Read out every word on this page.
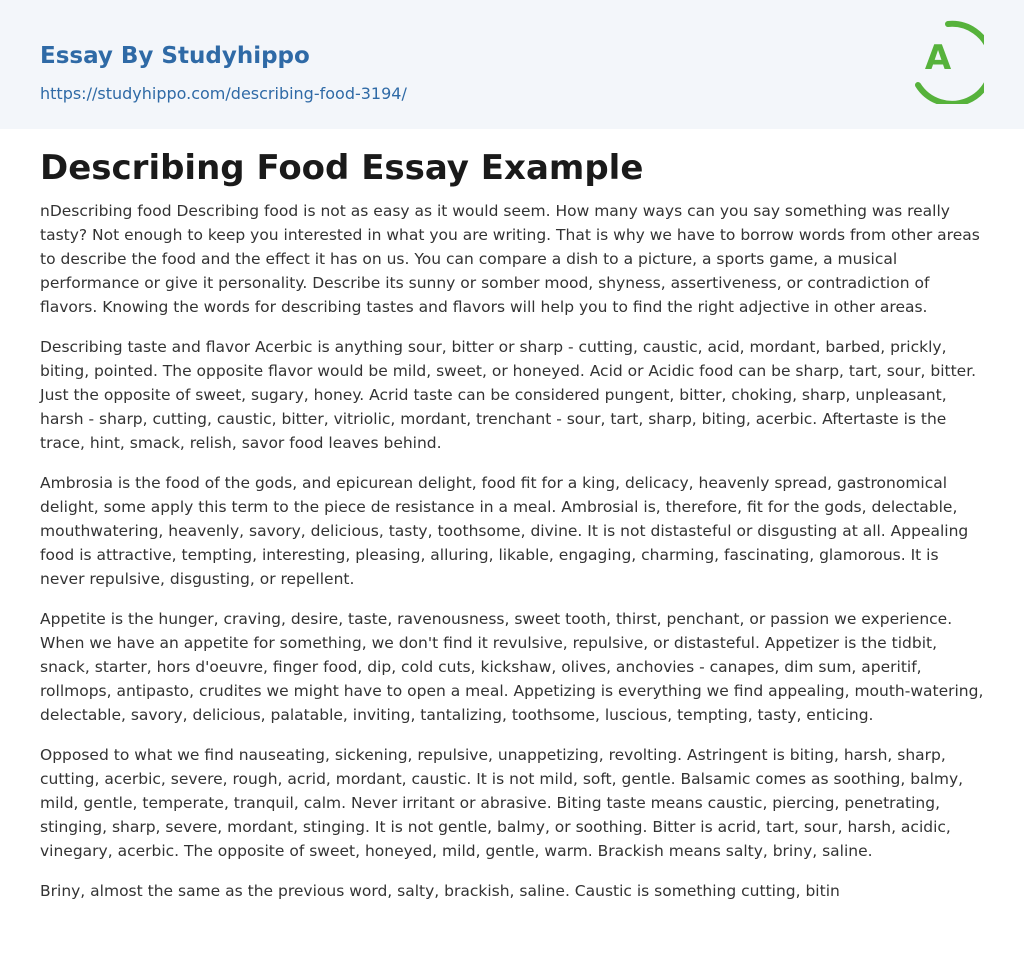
Essay By Studyhippo
https://studyhippo.com/describing-food-3194/
A
Describing Food Essay Example

nDescribing food Describing food is not as easy as it would seem. How many ways can you say something was really tasty? Not enough to keep you interested in what you are writing. That is why we have to borrow words from other areas to describe the food and the effect it has on us. You can compare a dish to a picture, a sports game, a musical performance or give it personality. Describe its sunny or somber mood, shyness, assertiveness, or contradiction of flavors. Knowing the words for describing tastes and flavors will help you to find the right adjective in other areas.

Describing taste and flavor Acerbic is anything sour, bitter or sharp - cutting, caustic, acid, mordant, barbed, prickly, biting, pointed. The opposite flavor would be mild, sweet, or honeyed. Acid or Acidic food can be sharp, tart, sour, bitter. Just the opposite of sweet, sugary, honey. Acrid taste can be considered pungent, bitter, choking, sharp, unpleasant, harsh - sharp, cutting, caustic, bitter, vitriolic, mordant, trenchant - sour, tart, sharp, biting, acerbic. Aftertaste is the trace, hint, smack, relish, savor food leaves behind.

Ambrosia is the food of the gods, and epicurean delight, food fit for a king, delicacy, heavenly spread, gastronomical delight, some apply this term to the piece de resistance in a meal. Ambrosial is, therefore, fit for the gods, delectable, mouthwatering, heavenly, savory, delicious, tasty, toothsome, divine. It is not distasteful or disgusting at all. Appealing food is attractive, tempting, interesting, pleasing, alluring, likable, engaging, charming, fascinating, glamorous. It is never repulsive, disgusting, or repellent.

Appetite is the hunger, craving, desire, taste, ravenousness, sweet tooth, thirst, penchant, or passion we experience. When we have an appetite for something, we don't find it revulsive, repulsive, or distasteful. Appetizer is the tidbit, snack, starter, hors d'oeuvre, finger food, dip, cold cuts, kickshaw, olives, anchovies - canapes, dim sum, aperitif, rollmops, antipasto, crudites we might have to open a meal. Appetizing is everything we find appealing, mouth-watering, delectable, savory, delicious, palatable, inviting, tantalizing, toothsome, luscious, tempting, tasty, enticing.

Opposed to what we find nauseating, sickening, repulsive, unappetizing, revolting. Astringent is biting, harsh, sharp, cutting, acerbic, severe, rough, acrid, mordant, caustic. It is not mild, soft, gentle. Balsamic comes as soothing, balmy, mild, gentle, temperate, tranquil, calm. Never irritant or abrasive. Biting taste means caustic, piercing, penetrating, stinging, sharp, severe, mordant, stinging. It is not gentle, balmy, or soothing. Bitter is acrid, tart, sour, harsh, acidic, vinegary, acerbic. The opposite of sweet, honeyed, mild, gentle, warm. Brackish means salty, briny, saline.

Briny, almost the same as the previous word, salty, brackish, saline. Caustic is something cutting, bitin
